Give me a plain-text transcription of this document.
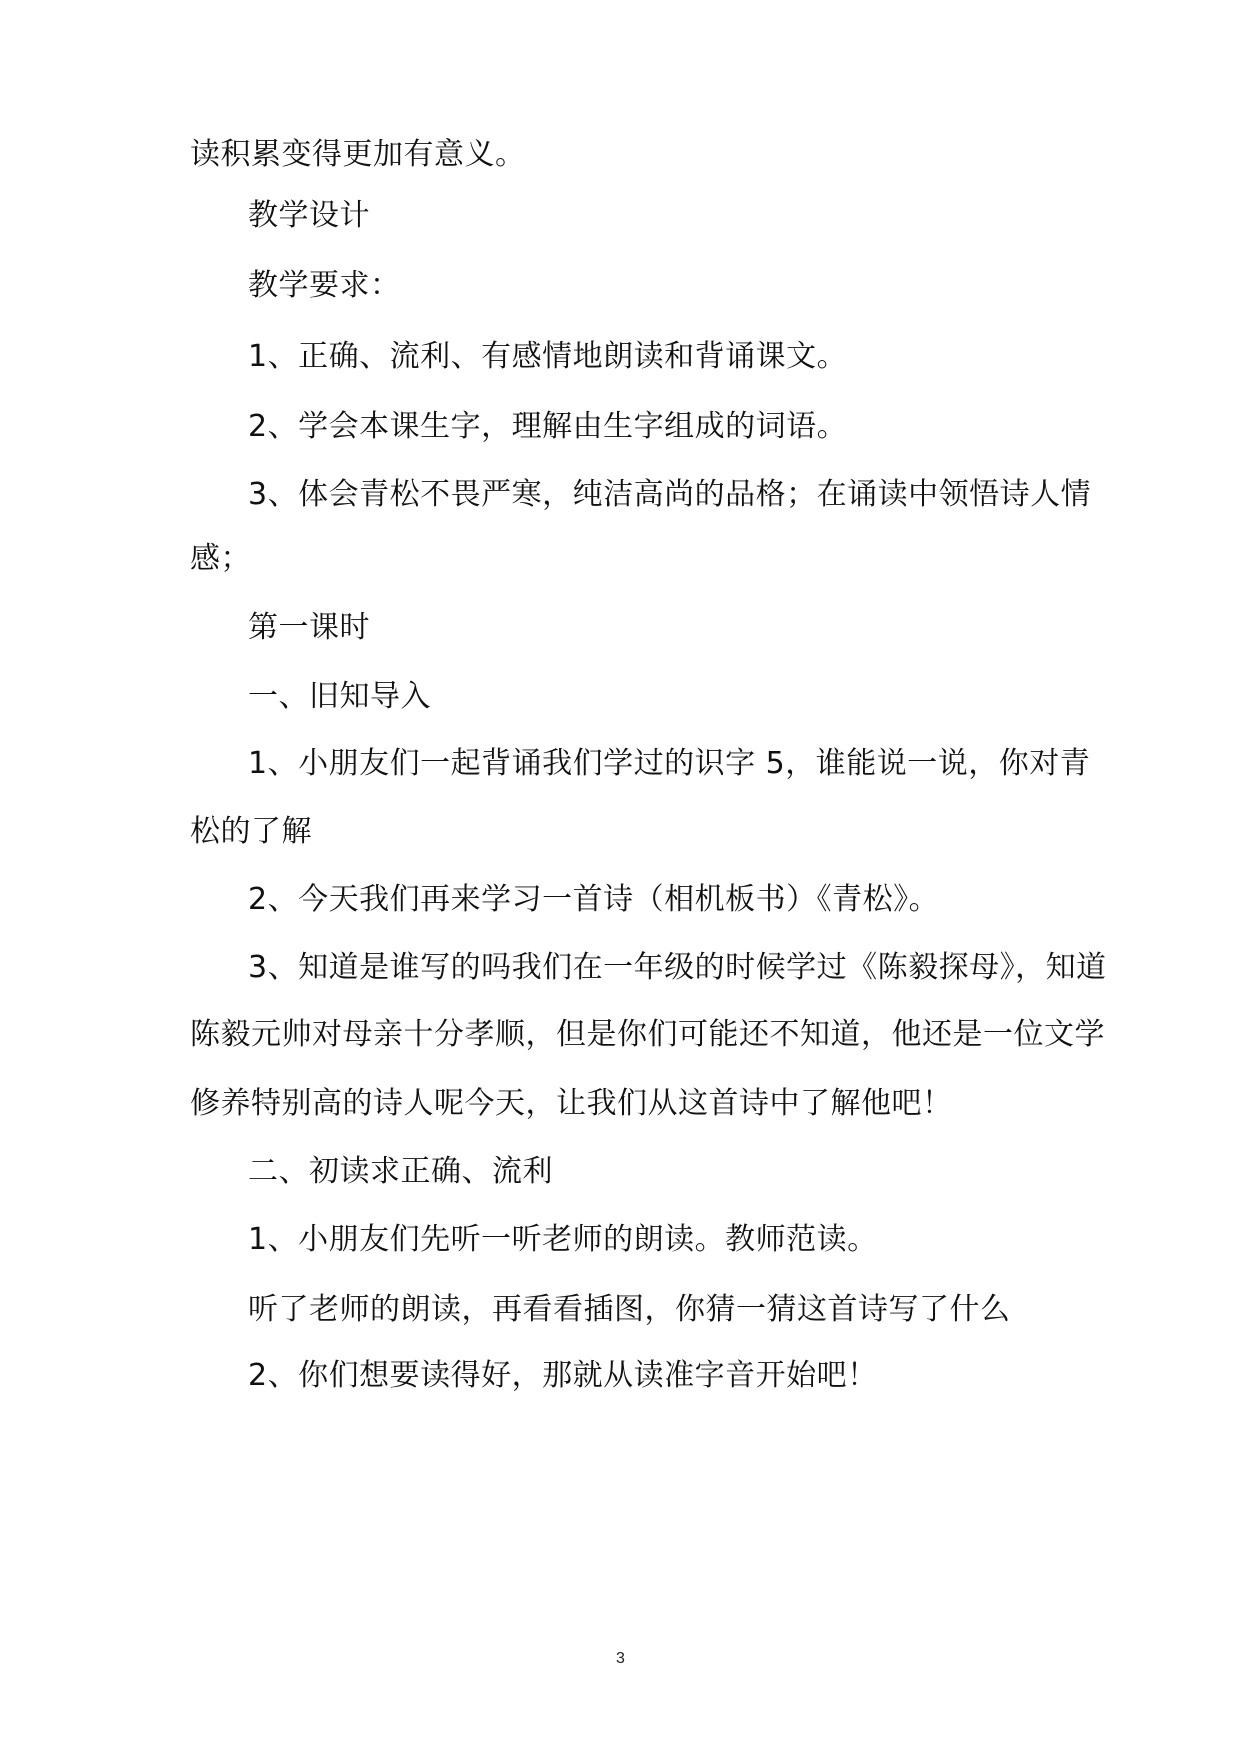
读积累变得更加有意义。
教学设计
教学要求：
1、正确、流利、有感情地朗读和背诵课文。
2、学会本课生字，理解由生字组成的词语。
3、体会青松不畏严寒，纯洁高尚的品格；在诵读中领悟诗人情
感；
第一课时
一、旧知导入
1、小朋友们一起背诵我们学过的识字 5，谁能说一说，你对青
松的了解
2、今天我们再来学习一首诗（相机板书）《青松》。
3、知道是谁写的吗我们在一年级的时候学过《陈毅探母》，知道
陈毅元帅对母亲十分孝顺，但是你们可能还不知道，他还是一位文学
修养特别高的诗人呢今天，让我们从这首诗中了解他吧！
二、初读求正确、流利
1、小朋友们先听一听老师的朗读。教师范读。
听了老师的朗读，再看看插图，你猜一猜这首诗写了什么
2、你们想要读得好，那就从读准字音开始吧！
3
